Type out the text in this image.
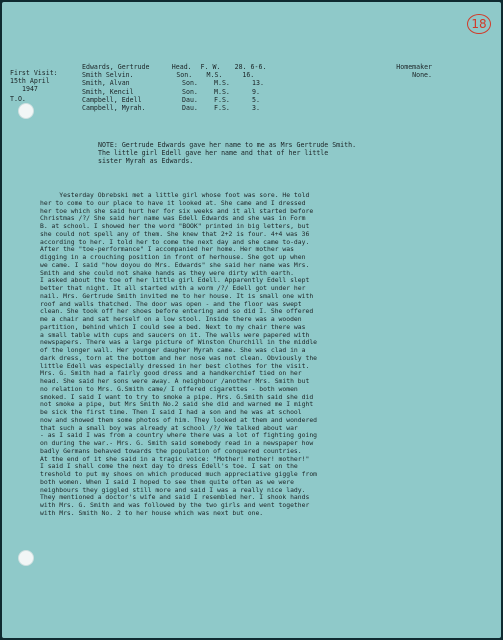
18
First Visit:
15th April
1947
T.O.
Edwards, Gertrude	Head.	F. W.	28. 6-6.	Homemaker
Smith Selvin.	Son.	M.S.	16.	None.
Smith, Alvan	Son.	M.S.	13.
Smith, Kencil	Son.	M.S.	9.
Campbell, Edell	Dau.	F.S.	5.
Campbell, Myrah.	Dau.	F.S.	3.
NOTE: Gertrude Edwards gave her name to me as Mrs Gertrude Smith.
The little girl Edell gave her name and that of her little
sister Myrah as Edwards.

Yesterday Obrebski met a little girl whose foot was sore. He told

her to come to our place to have it looked at. She came and I dressed

her toe which she said hurt her for six weeks and it all started before

Christmas /?/ She said her name was Edell Edwards and she was in Form

B. at school. I showed her the word "BOOK" printed in big letters, but

she could not spell any of them. She knew that 2+2 is four. 4+4 was 36

according to her. I told her to come the next day and she came to-day.

After the "toe-performance" I accompanied her home. Her mother was

digging in a crouching position in front of herhouse. She got up when

we came. I said "how doyou do Mrs. Edwards" she said her name was Mrs.

Smith and she could not shake hands as they were dirty with earth.

I asked about the toe of her little girl Edell. Apparently Edell slept

better that night. It all started with a worm /?/ Edell got under her

nail. Mrs. Gertrude Smith invited me to her house. It is small one with

roof and walls thatched. The door was open - and the floor was swept

clean. She took off her shoes before entering and so did I. She offered

me a chair and sat herself on a low stool. Inside there was a wooden

partition, behind which I could see a bed. Next to my chair there was

a small table with cups and saucers on it. The walls were papered with

newspapers. There was a large picture of Winston Churchill in the middle

of the longer wall. Her younger daugher Myrah came. She was clad in a

dark dress, torn at the bottom and her nose was not clean. Obviously the

little Edell was especially dressed in her best clothes for the visit.

Mrs. G. Smith had a fairly good dress and a handkerchief tied on her

head. She said her sons were away. A neighbour /another Mrs. Smith but

no relation to Mrs. G.Smith came/ I offered cigarettes - both women

smoked. I said I want to try to smoke a pipe. Mrs. G.Smith said she did

not smoke a pipe, but Mrs Smith No.2 said she did and warned me I might

be sick the first time. Then I said I had a son and he was at school

now and showed them some photos of him. They looked at them and wondered

that such a small boy was already at school /?/ We talked about war

- as I said I was from a country where there was a lot of fighting going

on during the war.- Mrs. G. Smith said somebody read in a newspaper how

badly Germans behaved towards the population of conquered countries.

At the end of it she said in a tragic voice: "Mother! mother! mother!"

I said I shall come the next day to dress Edell's toe. I sat on the

treshold to put my shoes on which produced much appreciative giggle from

both women. When I said I hoped to see them quite often as we were

neighbours they giggled still more and said I was a really nice lady.

They mentioned a doctor's wife and said I resembled her. I shook hands

with Mrs. G. Smith and was followed by the two girls and went together

with Mrs. Smith No. 2 to her house which was next but one.
